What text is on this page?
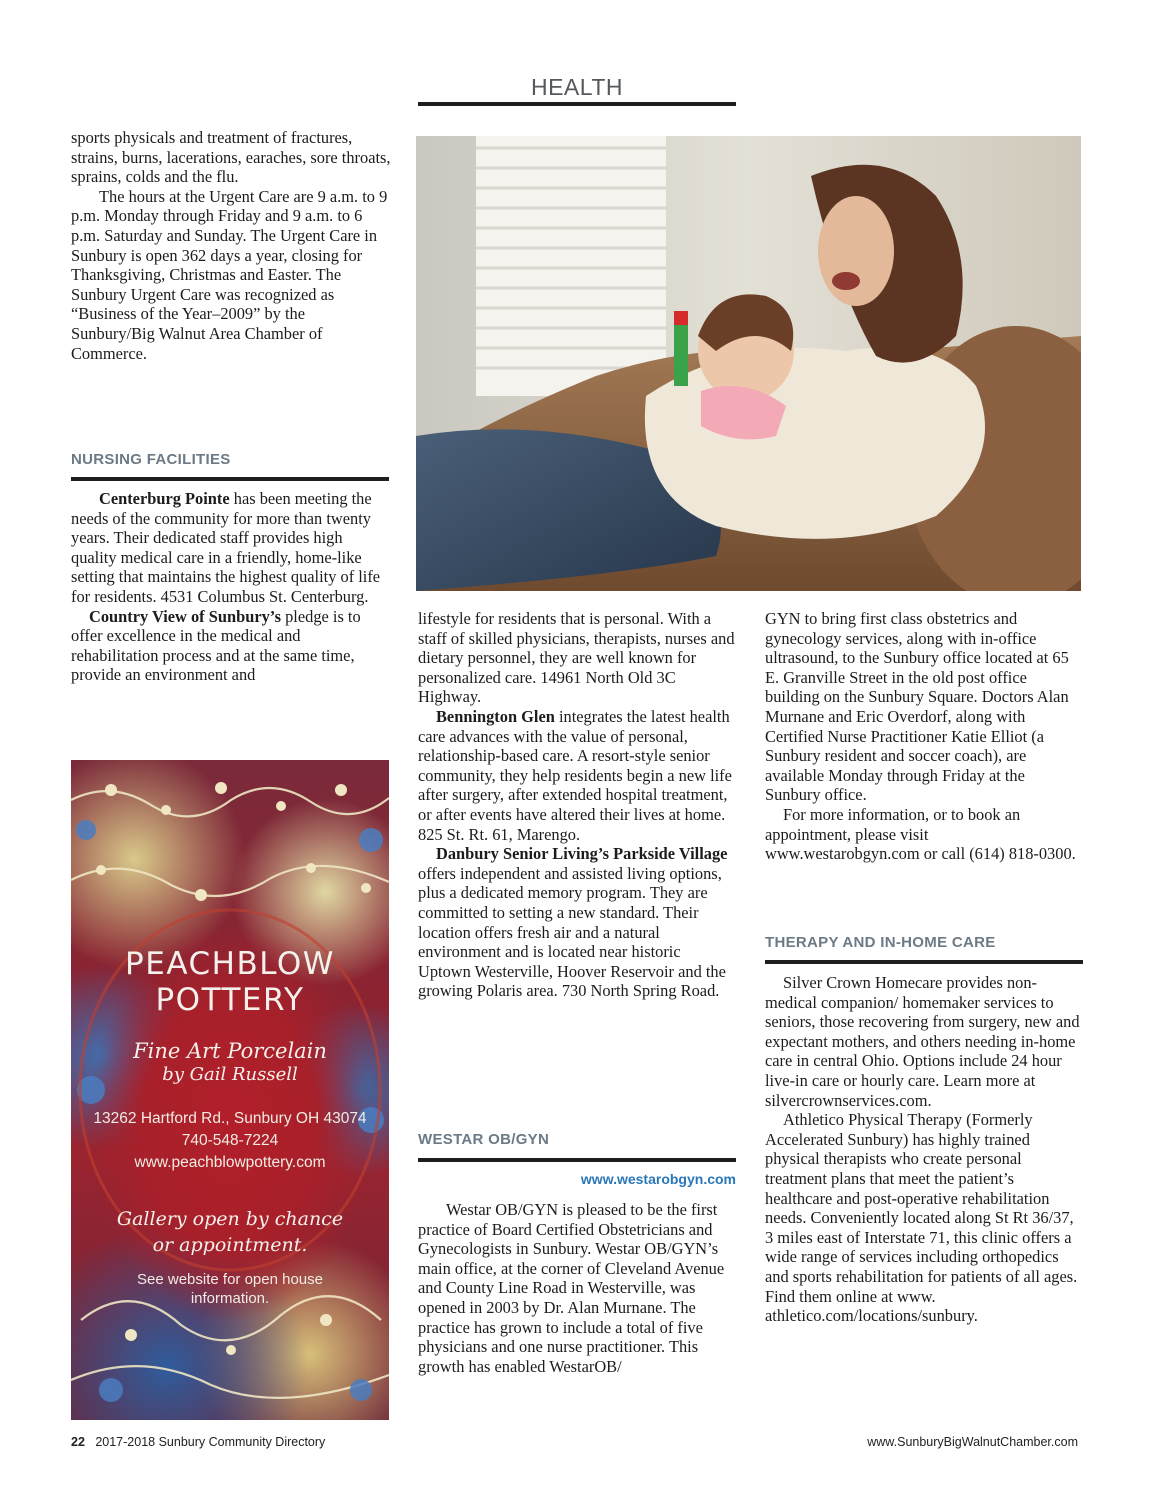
HEALTH

sports physicals and treatment of fractures, strains, burns, lacerations, earaches, sore throats, sprains, colds and the flu.

The hours at the Urgent Care are 9 a.m. to 9 p.m. Monday through Friday and 9 a.m. to 6 p.m. Saturday and Sunday. The Urgent Care in Sunbury is open 362 days a year, closing for Thanksgiving, Christmas and Easter. The Sunbury Urgent Care was recognized as “Business of the Year–2009” by the Sunbury/Big Walnut Area Chamber of Commerce.

NURSING FACILITIES

Centerburg Pointe has been meeting the needs of the community for more than twenty years. Their dedicated staff provides high quality medical care in a friendly, home-like setting that maintains the highest quality of life for residents. 4531 Columbus St. Centerburg.

Country View of Sunbury’s pledge is to offer excellence in the medical and rehabilitation process and at the same time, provide an environment and

lifestyle for residents that is personal. With a staff of skilled physicians, therapists, nurses and dietary personnel, they are well known for personalized care. 14961 North Old 3C Highway.

Bennington Glen integrates the latest health care advances with the value of personal, relationship-based care. A resort-style senior community, they help residents begin a new life after surgery, after extended hospital treatment, or after events have altered their lives at home. 825 St. Rt. 61, Marengo.

Danbury Senior Living’s Parkside Village offers independent and assisted living options, plus a dedicated memory program. They are committed to setting a new standard. Their location offers fresh air and a natural environment and is located near historic Uptown Westerville, Hoover Reservoir and the growing Polaris area. 730 North Spring Road.

WESTAR OB/GYN
www.westarobgyn.com

Westar OB/GYN is pleased to be the first practice of Board Certified Obstetricians and Gynecologists in Sunbury. Westar OB/GYN’s main office, at the corner of Cleveland Avenue and County Line Road in Westerville, was opened in 2003 by Dr. Alan Murnane. The practice has grown to include a total of five physicians and one nurse practitioner. This growth has enabled WestarOB/

GYN to bring first class obstetrics and gynecology services, along with in-office ultrasound, to the Sunbury office located at 65 E. Granville Street in the old post office building on the Sunbury Square. Doctors Alan Murnane and Eric Overdorf, along with Certified Nurse Practitioner Katie Elliot (a Sunbury resident and soccer coach), are available Monday through Friday at the Sunbury office.

For more information, or to book an appointment, please visit www.westarobgyn.com or call (614) 818-0300.

THERAPY AND IN-HOME CARE

Silver Crown Homecare provides non-medical companion/ homemaker services to seniors, those recovering from surgery, new and expectant mothers, and others needing in-home care in central Ohio. Options include 24 hour live-in care or hourly care. Learn more at silvercrownservices.com.

Athletico Physical Therapy (Formerly Accelerated Sunbury) has highly trained physical therapists who create personal treatment plans that meet the patient’s healthcare and post-operative rehabilitation needs. Conveniently located along St Rt 36/37, 3 miles east of Interstate 71, this clinic offers a wide range of services including orthopedics and sports rehabilitation for patients of all ages. Find them online at www. athletico.com/locations/sunbury.

PEACHBLOW
POTTERY
Fine Art Porcelain
by Gail Russell
13262 Hartford Rd., Sunbury OH 43074
740-548-7224
www.peachblowpottery.com
Gallery open by chance
or appointment.
See website for open house
information.
22 2017-2018 Sunbury Community Directory	www.SunburyBigWalnutChamber.com
